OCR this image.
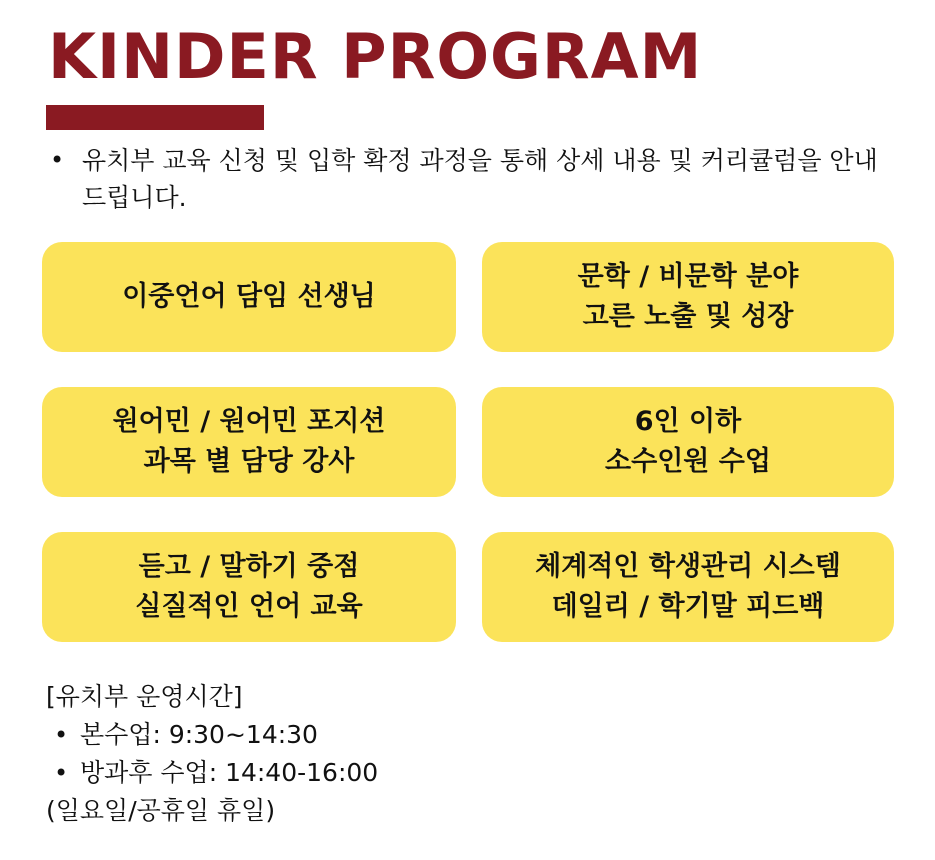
KINDER PROGRAM
• 유치부 교육 신청 및 입학 확정 과정을 통해 상세 내용 및 커리큘럼을 안내드립니다.
이중언어 담임 선생님
문학 / 비문학 분야
고른 노출 및 성장
원어민 / 원어민 포지션
과목 별 담당 강사
6인 이하
소수인원 수업
듣고 / 말하기 중점
실질적인 언어 교육
체계적인 학생관리 시스템
데일리 / 학기말 피드백
[유치부 운영시간]
• 본수업: 9:30~14:30
• 방과후 수업: 14:40-16:00
(일요일/공휴일 휴일)
